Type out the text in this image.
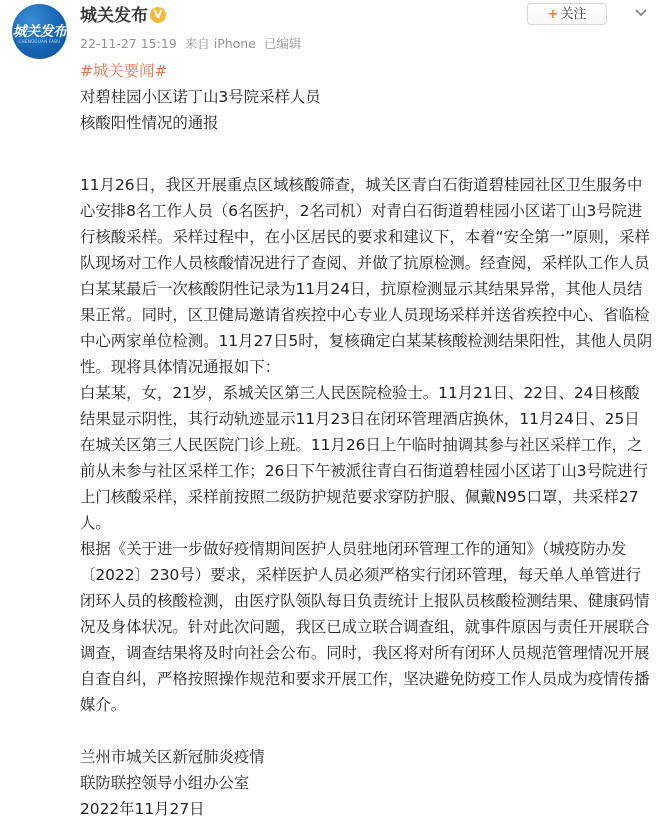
城关发布
CHENGGUAN FABU
城关发布 V
22-11-27 15:19 来自 iPhone 已编辑
+ 关注

#城关要闻#

对碧桂园小区诺丁山3号院采样人员

核酸阳性情况的通报

11月26日，我区开展重点区域核酸筛查，城关区青白石街道碧桂园社区卫生服务中心安排8名工作人员（6名医护，2名司机）对青白石街道碧桂园小区诺丁山3号院进行核酸采样。采样过程中，在小区居民的要求和建议下，本着“安全第一”原则，采样队现场对工作人员核酸情况进行了查阅、并做了抗原检测。经查阅，采样队工作人员白某某最后一次核酸阴性记录为11月24日，抗原检测显示其结果异常，其他人员结果正常。同时，区卫健局邀请省疾控中心专业人员现场采样并送省疾控中心、省临检中心两家单位检测。11月27日5时，复核确定白某某核酸检测结果阳性，其他人员阴性。现将具体情况通报如下：

白某某，女，21岁，系城关区第三人民医院检验士。11月21日、22日、24日核酸结果显示阴性，其行动轨迹显示11月23日在闭环管理酒店换休，11月24日、25日在城关区第三人民医院门诊上班。11月26日上午临时抽调其参与社区采样工作，之前从未参与社区采样工作；26日下午被派往青白石街道碧桂园小区诺丁山3号院进行上门核酸采样，采样前按照二级防护规范要求穿防护服、佩戴N95口罩，共采样27人。

根据《关于进一步做好疫情期间医护人员驻地闭环管理工作的通知》（城疫防办发〔2022〕230号）要求，采样医护人员必须严格实行闭环管理，每天单人单管进行闭环人员的核酸检测，由医疗队领队每日负责统计上报队员核酸检测结果、健康码情况及身体状况。针对此次问题，我区已成立联合调查组，就事件原因与责任开展联合调查，调查结果将及时向社会公布。同时，我区将对所有闭环人员规范管理情况开展自查自纠，严格按照操作规范和要求开展工作，坚决避免防疫工作人员成为疫情传播媒介。

兰州市城关区新冠肺炎疫情

联防联控领导小组办公室

2022年11月27日
